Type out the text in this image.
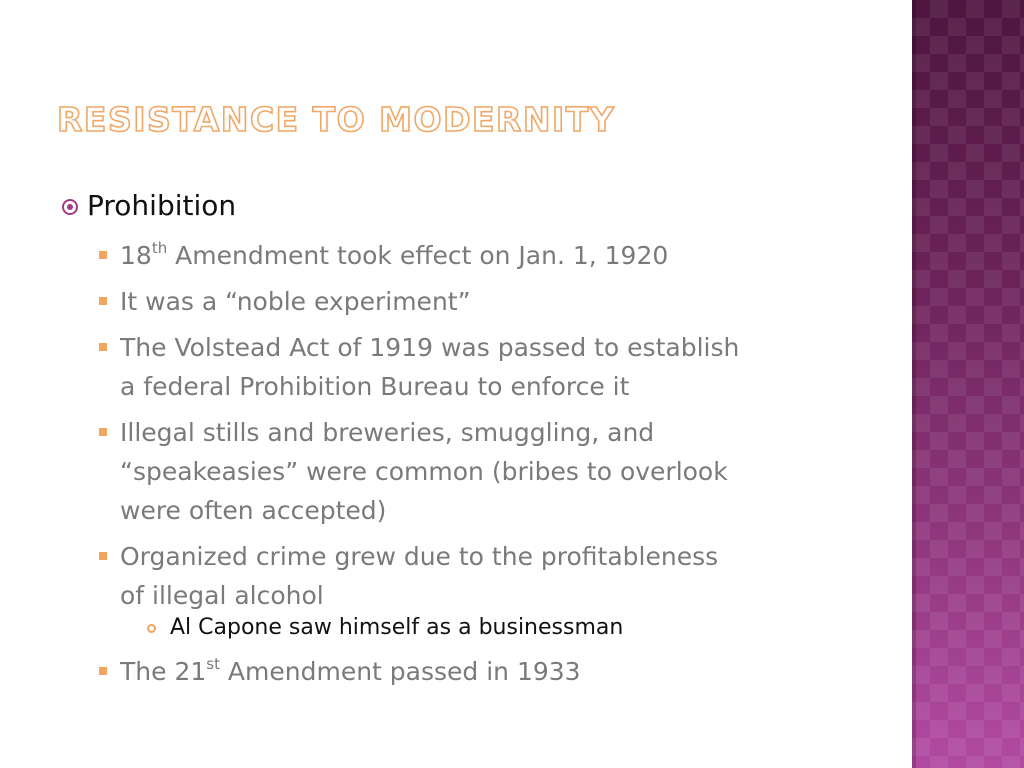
RESISTANCE TO MODERNITY
Prohibition
18th Amendment took effect on Jan. 1, 1920
It was a “noble experiment”
The Volstead Act of 1919 was passed to establish
a federal Prohibition Bureau to enforce it
Illegal stills and breweries, smuggling, and
“speakeasies” were common (bribes to overlook
were often accepted)
Organized crime grew due to the profitableness
of illegal alcohol
Al Capone saw himself as a businessman
The 21st Amendment passed in 1933
